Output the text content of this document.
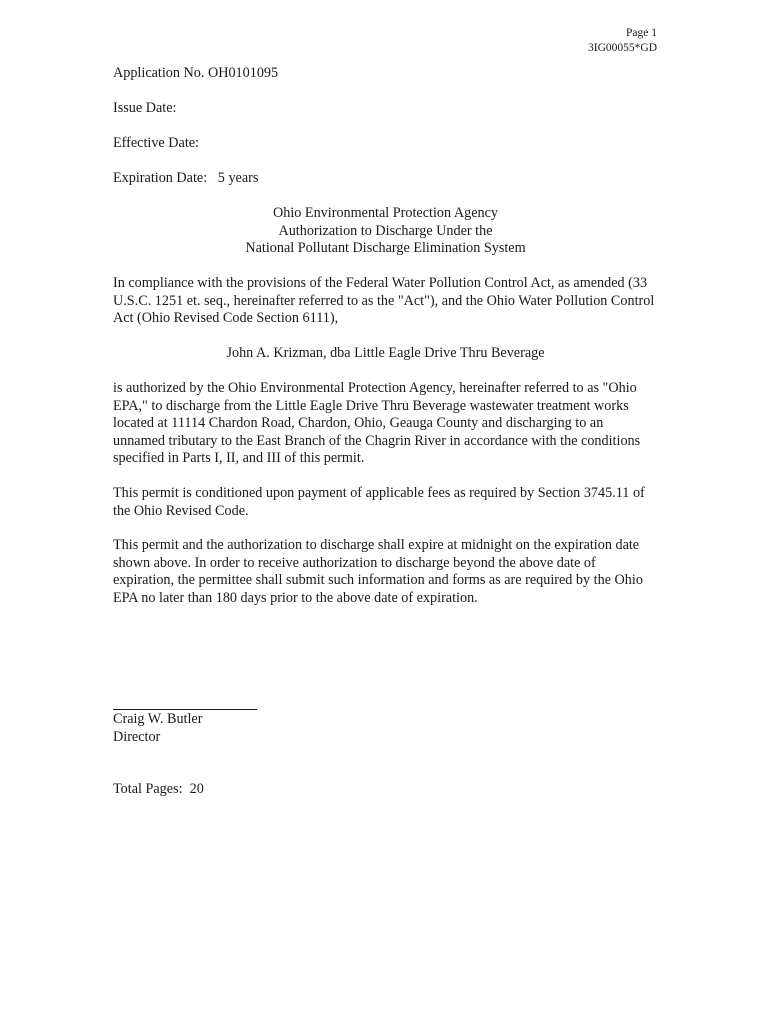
Page 1
3IG00055*GD
Application No. OH0101095
Issue Date:
Effective Date:
Expiration Date:   5 years
Ohio Environmental Protection Agency
Authorization to Discharge Under the
National Pollutant Discharge Elimination System
In compliance with the provisions of the Federal Water Pollution Control Act, as amended (33 U.S.C. 1251 et. seq., hereinafter referred to as the "Act"), and the Ohio Water Pollution Control Act (Ohio Revised Code Section 6111),
John A. Krizman, dba Little Eagle Drive Thru Beverage
is authorized by the Ohio Environmental Protection Agency, hereinafter referred to as "Ohio EPA," to discharge from the Little Eagle Drive Thru Beverage wastewater treatment works located at 11114 Chardon Road, Chardon, Ohio, Geauga County and discharging to an unnamed tributary to the East Branch of the Chagrin River in accordance with the conditions specified in Parts I, II, and III of this permit.
This permit is conditioned upon payment of applicable fees as required by Section 3745.11 of the Ohio Revised Code.
This permit and the authorization to discharge shall expire at midnight on the expiration date shown above. In order to receive authorization to discharge beyond the above date of expiration, the permittee shall submit such information and forms as are required by the Ohio EPA no later than 180 days prior to the above date of expiration.
Craig W. Butler
Director
Total Pages:  20
